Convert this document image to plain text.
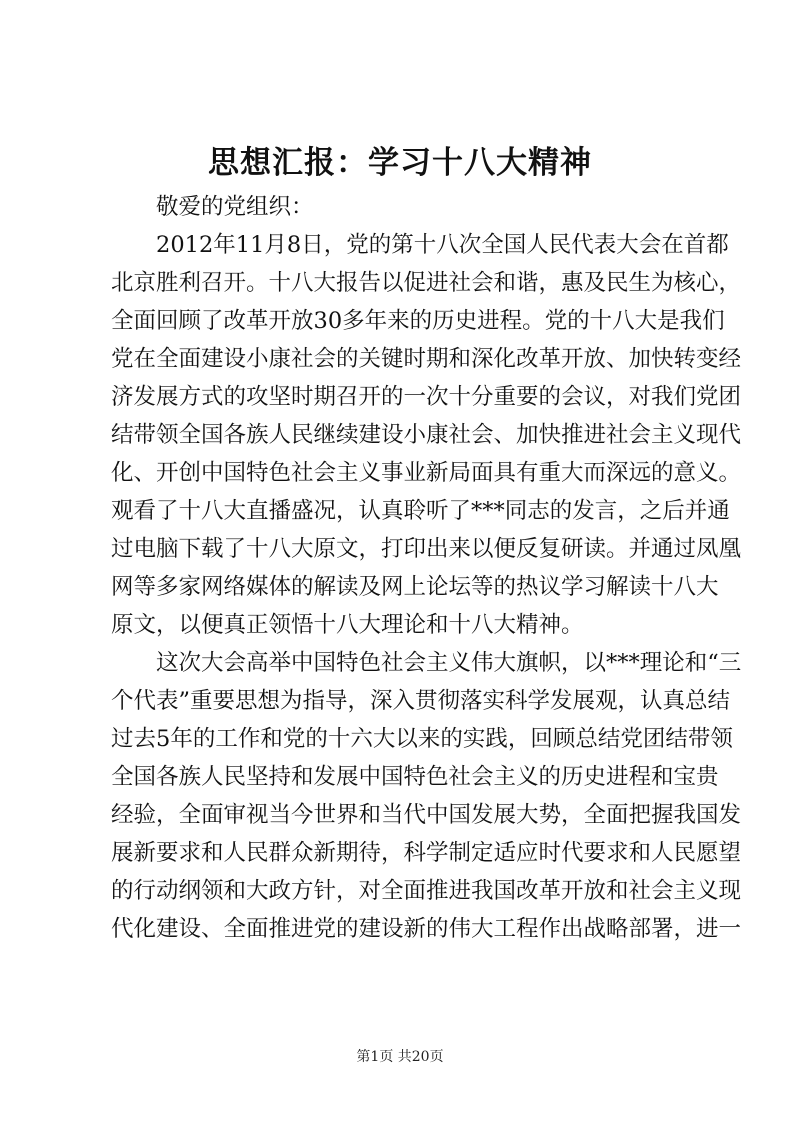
思想汇报：学习十八大精神

敬爱的党组织：

2012年11月8日，党的第十八次全国人民代表大会在首都
北京胜利召开。十八大报告以促进社会和谐，惠及民生为核心，
全面回顾了改革开放30多年来的历史进程。党的十八大是我们
党在全面建设小康社会的关键时期和深化改革开放、加快转变经
济发展方式的攻坚时期召开的一次十分重要的会议，对我们党团
结带领全国各族人民继续建设小康社会、加快推进社会主义现代
化、开创中国特色社会主义事业新局面具有重大而深远的意义。
观看了十八大直播盛况，认真聆听了***同志的发言，之后并通
过电脑下载了十八大原文，打印出来以便反复研读。并通过凤凰
网等多家网络媒体的解读及网上论坛等的热议学习解读十八大
原文，以便真正领悟十八大理论和十八大精神。

这次大会高举中国特色社会主义伟大旗帜，以***理论和“三
个代表”重要思想为指导，深入贯彻落实科学发展观，认真总结
过去5年的工作和党的十六大以来的实践，回顾总结党团结带领
全国各族人民坚持和发展中国特色社会主义的历史进程和宝贵
经验，全面审视当今世界和当代中国发展大势，全面把握我国发
展新要求和人民群众新期待，科学制定适应时代要求和人民愿望
的行动纲领和大政方针，对全面推进我国改革开放和社会主义现
代化建设、全面推进党的建设新的伟大工程作出战略部署，进一

第1页 共20页
